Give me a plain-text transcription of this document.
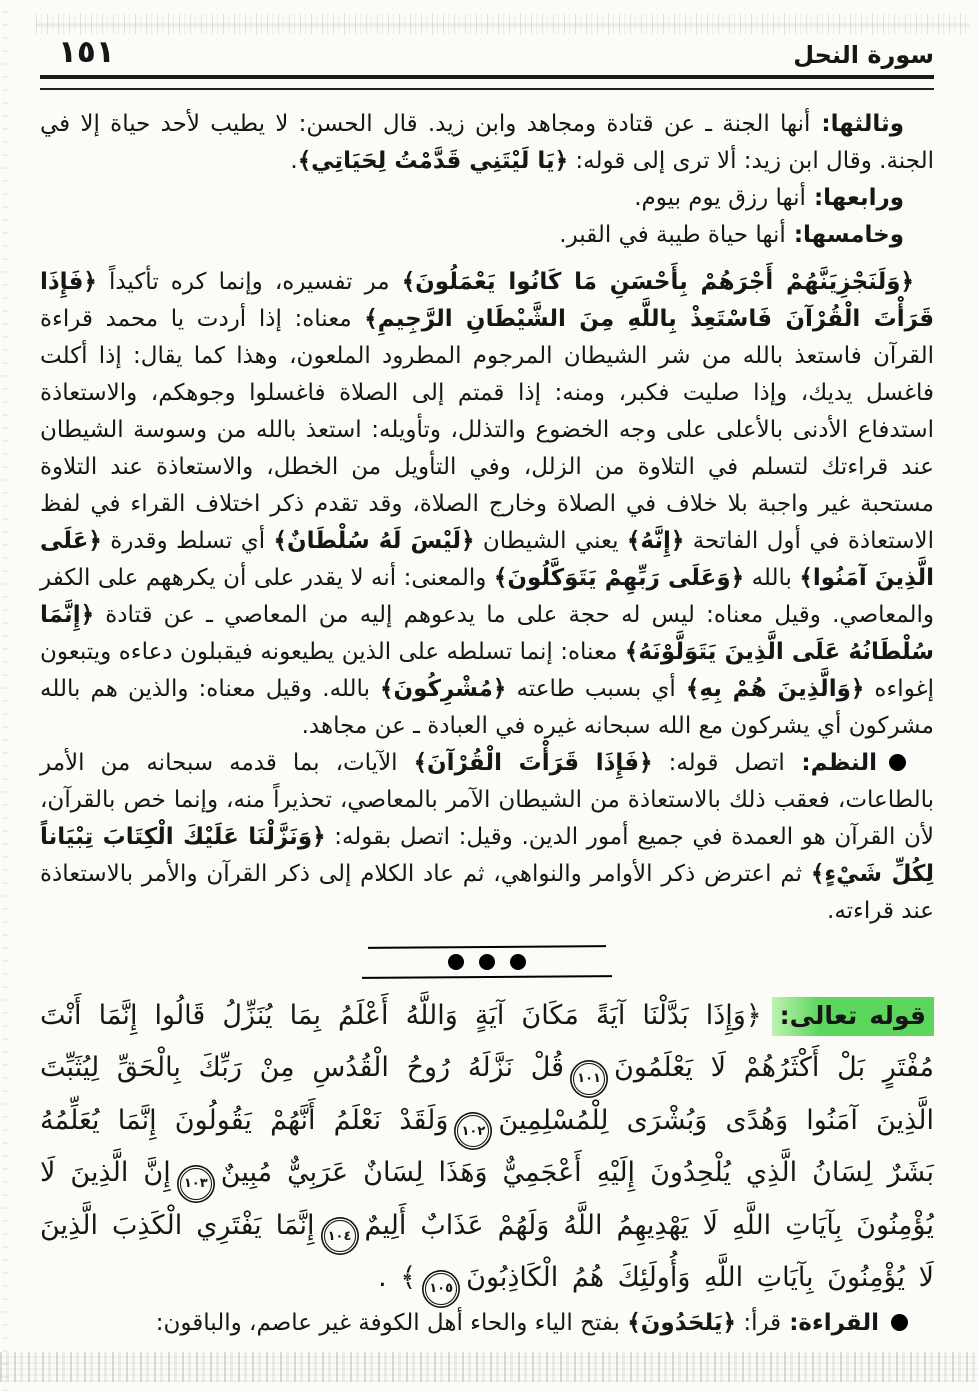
سورة النحل
١٥١

وثالثها:أنها الجنة ـ عن قتادة ومجاهد وابن زيد. قال الحسن: لا يطيب لأحد حياة إلا في الجنة. وقال ابن زيد: ألا ترى إلى قوله: ﴿يَا لَيْتَنِي قَدَّمْتُ لِحَيَاتِي﴾.

ورابعها:أنها رزق يوم بيوم.

وخامسها:أنها حياة طيبة في القبر.

﴿وَلَنَجْزِيَنَّهُمْ أَجْرَهُمْ بِأَحْسَنِ مَا كَانُوا يَعْمَلُونَ﴾ مر تفسيره، وإنما كره تأكيداً ﴿فَإِذَا قَرَأْتَ الْقُرْآنَ فَاسْتَعِذْ بِاللَّهِ مِنَ الشَّيْطَانِ الرَّجِيمِ﴾ معناه: إذا أردت يا محمد قراءة القرآن فاستعذ بالله من شر الشيطان المرجوم المطرود الملعون، وهذا كما يقال: إذا أكلت فاغسل يديك، وإذا صليت فكبر، ومنه: إذا قمتم إلى الصلاة فاغسلوا وجوهكم، والاستعاذة استدفاع الأدنى بالأعلى على وجه الخضوع والتذلل، وتأويله: استعذ بالله من وسوسة الشيطان عند قراءتك لتسلم في التلاوة من الزلل، وفي التأويل من الخطل، والاستعاذة عند التلاوة مستحبة غير واجبة بلا خلاف في الصلاة وخارج الصلاة، وقد تقدم ذكر اختلاف القراء في لفظ الاستعاذة في أول الفاتحة ﴿إِنَّهُ﴾ يعني الشيطان ﴿لَيْسَ لَهُ سُلْطَانٌ﴾ أي تسلط وقدرة ﴿عَلَى الَّذِينَ آمَنُوا﴾ بالله ﴿وَعَلَى رَبِّهِمْ يَتَوَكَّلُونَ﴾ والمعنى: أنه لا يقدر على أن يكرههم على الكفر والمعاصي. وقيل معناه: ليس له حجة على ما يدعوهم إليه من المعاصي ـ عن قتادة ﴿إِنَّمَا سُلْطَانُهُ عَلَى الَّذِينَ يَتَوَلَّوْنَهُ﴾ معناه: إنما تسلطه على الذين يطيعونه فيقبلون دعاءه ويتبعون إغواءه ﴿وَالَّذِينَ هُمْ بِهِ﴾ أي بسبب طاعته ﴿مُشْرِكُونَ﴾ بالله. وقيل معناه: والذين هم بالله مشركون أي يشركون مع الله سبحانه غيره في العبادة ـ عن مجاهد.

النظم:اتصل قوله: ﴿فَإِذَا قَرَأْتَ الْقُرْآنَ﴾ الآيات، بما قدمه سبحانه من الأمر بالطاعات، فعقب ذلك بالاستعاذة من الشيطان الآمر بالمعاصي، تحذيراً منه، وإنما خص بالقرآن، لأن القرآن هو العمدة في جميع أمور الدين. وقيل: اتصل بقوله: ﴿وَنَزَّلْنَا عَلَيْكَ الْكِتَابَ تِبْيَاناً لِكُلِّ شَيْءٍ﴾ ثم اعترض ذكر الأوامر والنواهي، ثم عاد الكلام إلى ذكر القرآن والأمر بالاستعاذة عند قراءته.

قوله تعالى:﴿وَإِذَا بَدَّلْنَا آيَةً مَكَانَ آيَةٍ وَاللَّهُ أَعْلَمُ بِمَا يُنَزِّلُ قَالُوا إِنَّمَا أَنْتَ مُفْتَرٍ بَلْ أَكْثَرُهُمْ لَا يَعْلَمُونَ١٠١قُلْ نَزَّلَهُ رُوحُ الْقُدُسِ مِنْ رَبِّكَ بِالْحَقِّ لِيُثَبِّتَ الَّذِينَ آمَنُوا وَهُدًى وَبُشْرَى لِلْمُسْلِمِينَ١٠٢وَلَقَدْ نَعْلَمُ أَنَّهُمْ يَقُولُونَ إِنَّمَا يُعَلِّمُهُ بَشَرٌ لِسَانُ الَّذِي يُلْحِدُونَ إِلَيْهِ أَعْجَمِيٌّ وَهَذَا لِسَانٌ عَرَبِيٌّ مُبِينٌ١٠٣إِنَّ الَّذِينَ لَا يُؤْمِنُونَ بِآيَاتِ اللَّهِ لَا يَهْدِيهِمُ اللَّهُ وَلَهُمْ عَذَابٌ أَلِيمٌ١٠٤إِنَّمَا يَفْتَرِي الْكَذِبَ الَّذِينَ لَا يُؤْمِنُونَ بِآيَاتِ اللَّهِ وَأُولَئِكَ هُمُ الْكَاذِبُونَ١٠٥﴾ .

القراءة:قرأ: ﴿يَلحَدُونَ﴾ بفتح الياء والحاء أهل الكوفة غير عاصم، والباقون:
